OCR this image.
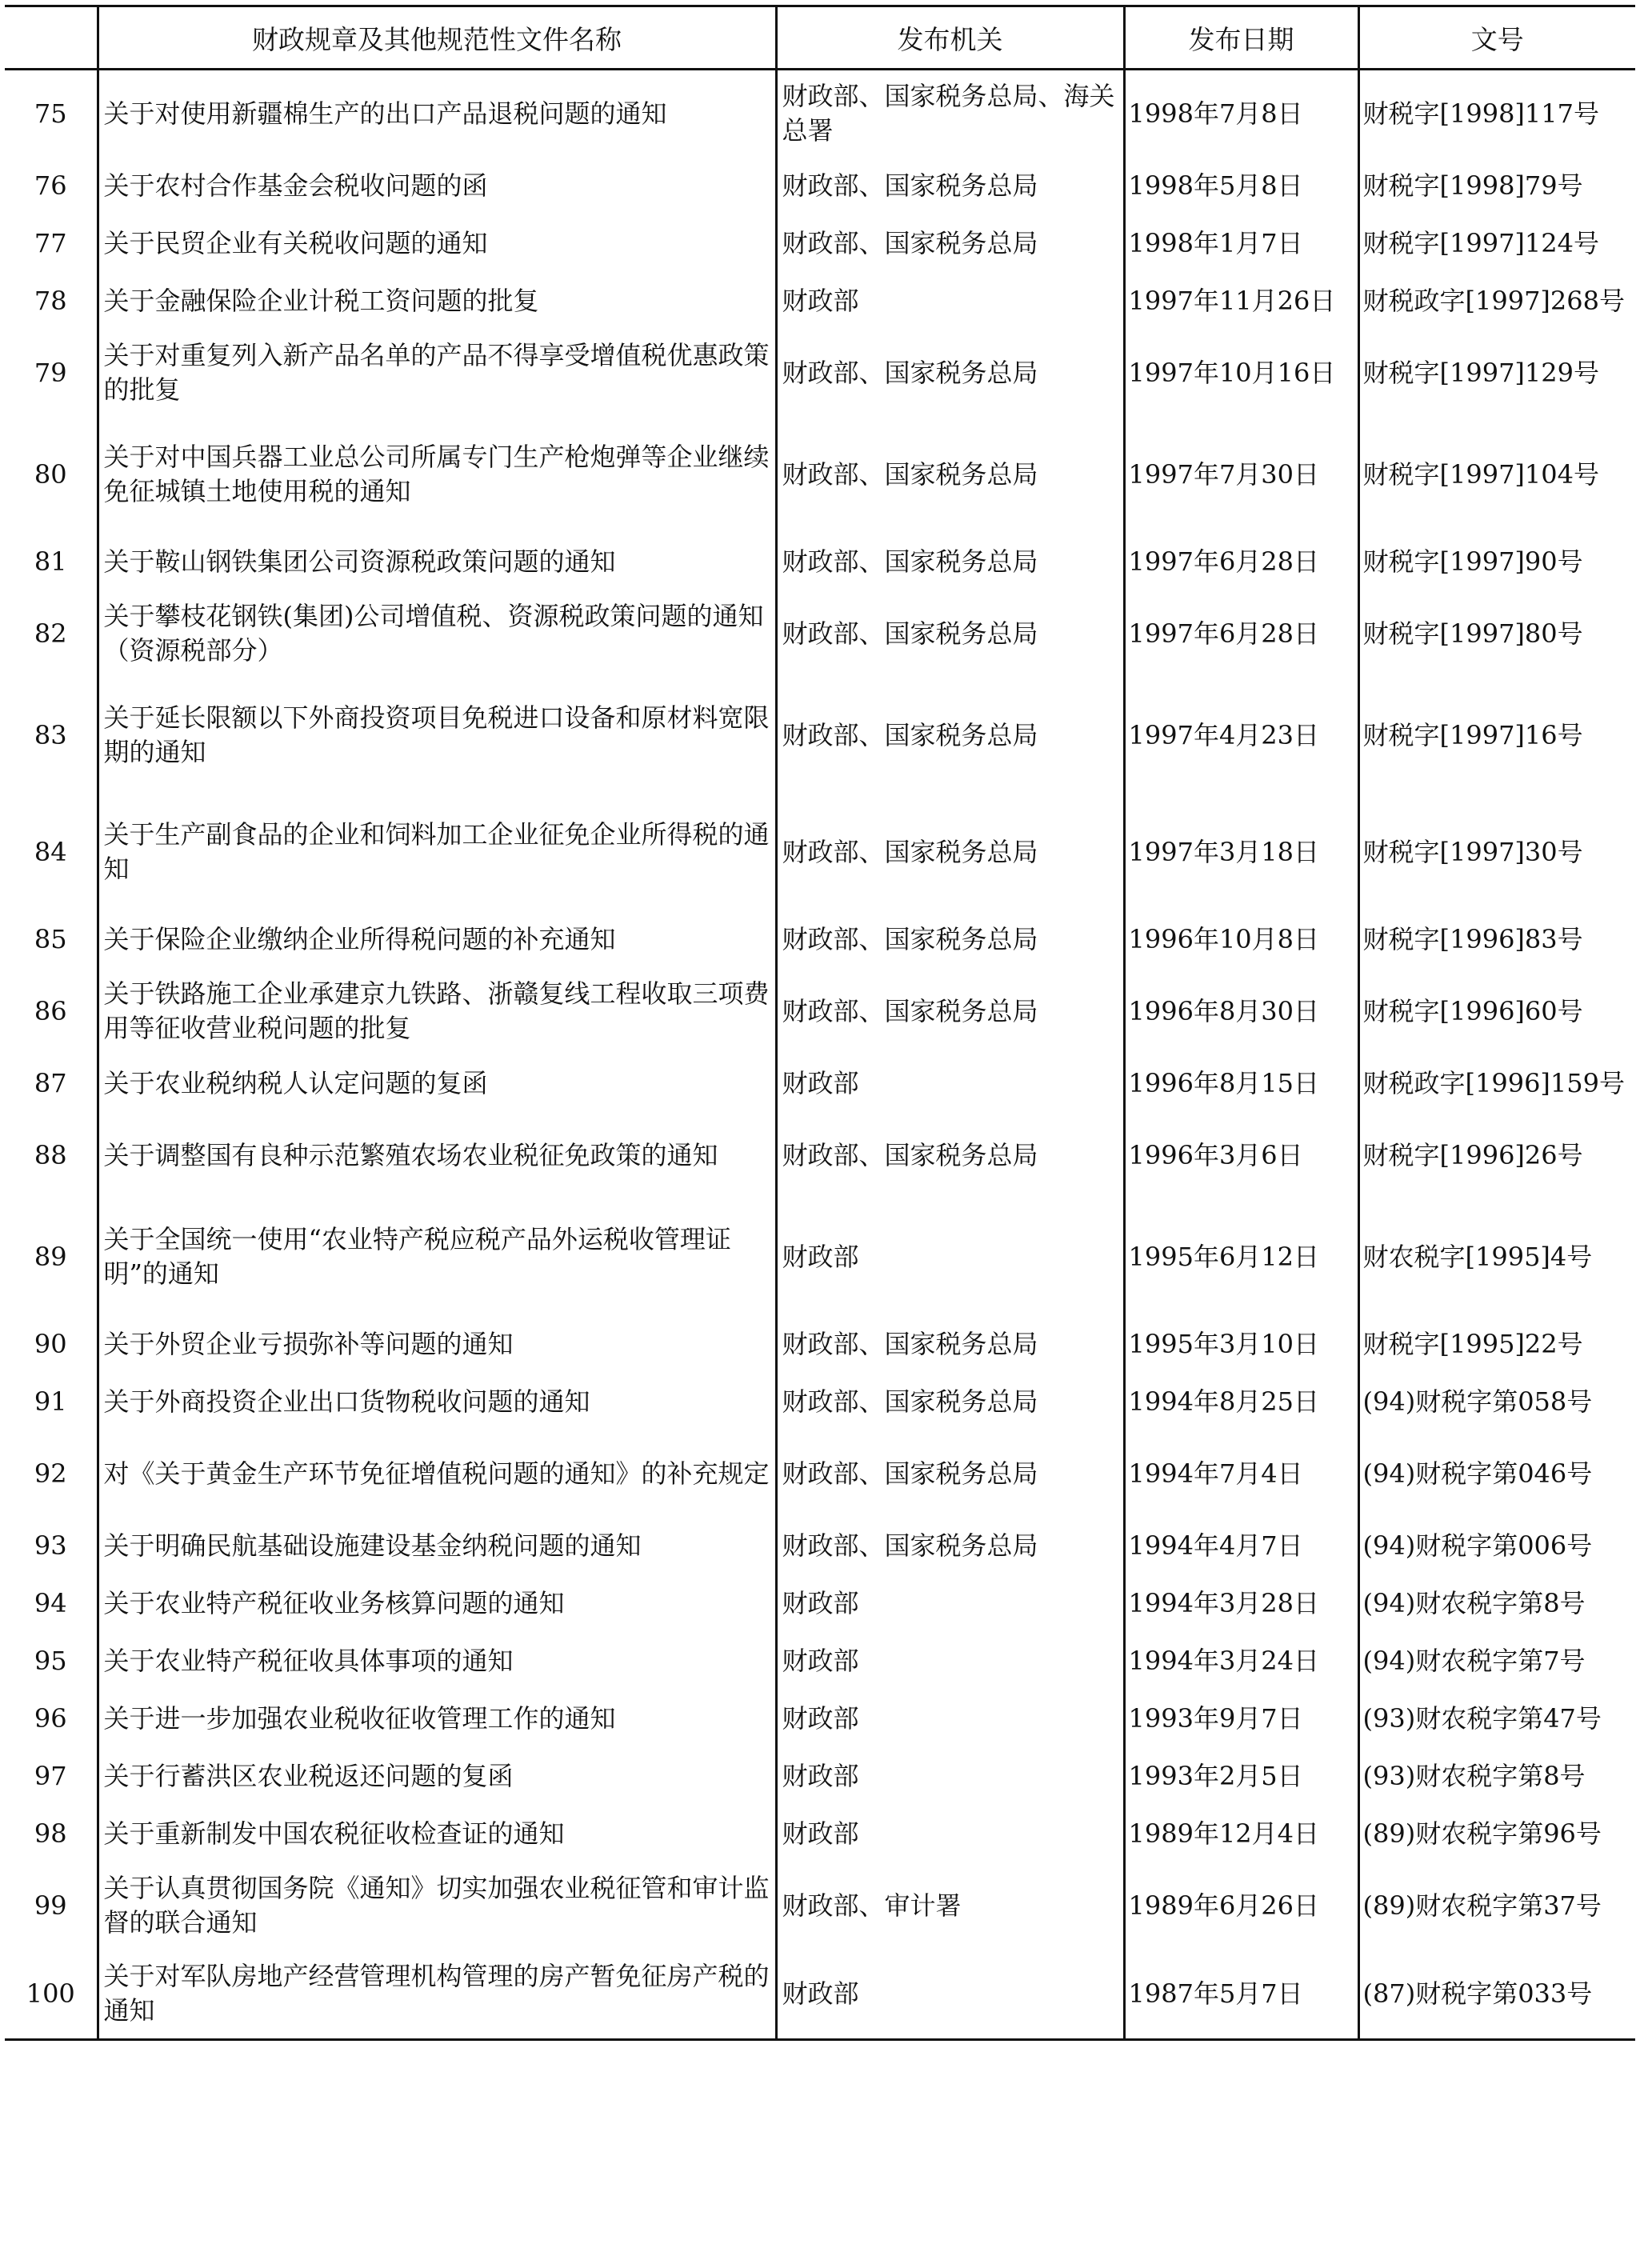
	财政规章及其他规范性文件名称	发布机关	发布日期	文号
75	关于对使用新疆棉生产的出口产品退税问题的通知	财政部、国家税务总局、海关总署	1998年7月8日	财税字[1998]117号
76	关于农村合作基金会税收问题的函	财政部、国家税务总局	1998年5月8日	财税字[1998]79号
77	关于民贸企业有关税收问题的通知	财政部、国家税务总局	1998年1月7日	财税字[1997]124号
78	关于金融保险企业计税工资问题的批复	财政部	1997年11月26日	财税政字[1997]268号
79	关于对重复列入新产品名单的产品不得享受增值税优惠政策的批复	财政部、国家税务总局	1997年10月16日	财税字[1997]129号
80	关于对中国兵器工业总公司所属专门生产枪炮弹等企业继续免征城镇土地使用税的通知	财政部、国家税务总局	1997年7月30日	财税字[1997]104号
81	关于鞍山钢铁集团公司资源税政策问题的通知	财政部、国家税务总局	1997年6月28日	财税字[1997]90号
82	关于攀枝花钢铁(集团)公司增值税、资源税政策问题的通知 （资源税部分）	财政部、国家税务总局	1997年6月28日	财税字[1997]80号
83	关于延长限额以下外商投资项目免税进口设备和原材料宽限期的通知	财政部、国家税务总局	1997年4月23日	财税字[1997]16号
84	关于生产副食品的企业和饲料加工企业征免企业所得税的通知	财政部、国家税务总局	1997年3月18日	财税字[1997]30号
85	关于保险企业缴纳企业所得税问题的补充通知	财政部、国家税务总局	1996年10月8日	财税字[1996]83号
86	关于铁路施工企业承建京九铁路、浙赣复线工程收取三项费用等征收营业税问题的批复	财政部、国家税务总局	1996年8月30日	财税字[1996]60号
87	关于农业税纳税人认定问题的复函	财政部	1996年8月15日	财税政字[1996]159号
88	关于调整国有良种示范繁殖农场农业税征免政策的通知	财政部、国家税务总局	1996年3月6日	财税字[1996]26号
89	关于全国统一使用“农业特产税应税产品外运税收管理证明”的通知	财政部	1995年6月12日	财农税字[1995]4号
90	关于外贸企业亏损弥补等问题的通知	财政部、国家税务总局	1995年3月10日	财税字[1995]22号
91	关于外商投资企业出口货物税收问题的通知	财政部、国家税务总局	1994年8月25日	(94)财税字第058号
92	对《关于黄金生产环节免征增值税问题的通知》的补充规定	财政部、国家税务总局	1994年7月4日	(94)财税字第046号
93	关于明确民航基础设施建设基金纳税问题的通知	财政部、国家税务总局	1994年4月7日	(94)财税字第006号
94	关于农业特产税征收业务核算问题的通知	财政部	1994年3月28日	(94)财农税字第8号
95	关于农业特产税征收具体事项的通知	财政部	1994年3月24日	(94)财农税字第7号
96	关于进一步加强农业税收征收管理工作的通知	财政部	1993年9月7日	(93)财农税字第47号
97	关于行蓄洪区农业税返还问题的复函	财政部	1993年2月5日	(93)财农税字第8号
98	关于重新制发中国农税征收检查证的通知	财政部	1989年12月4日	(89)财农税字第96号
99	关于认真贯彻国务院《通知》切实加强农业税征管和审计监督的联合通知	财政部、审计署	1989年6月26日	(89)财农税字第37号
100	关于对军队房地产经营管理机构管理的房产暂免征房产税的通知	财政部	1987年5月7日	(87)财税字第033号
